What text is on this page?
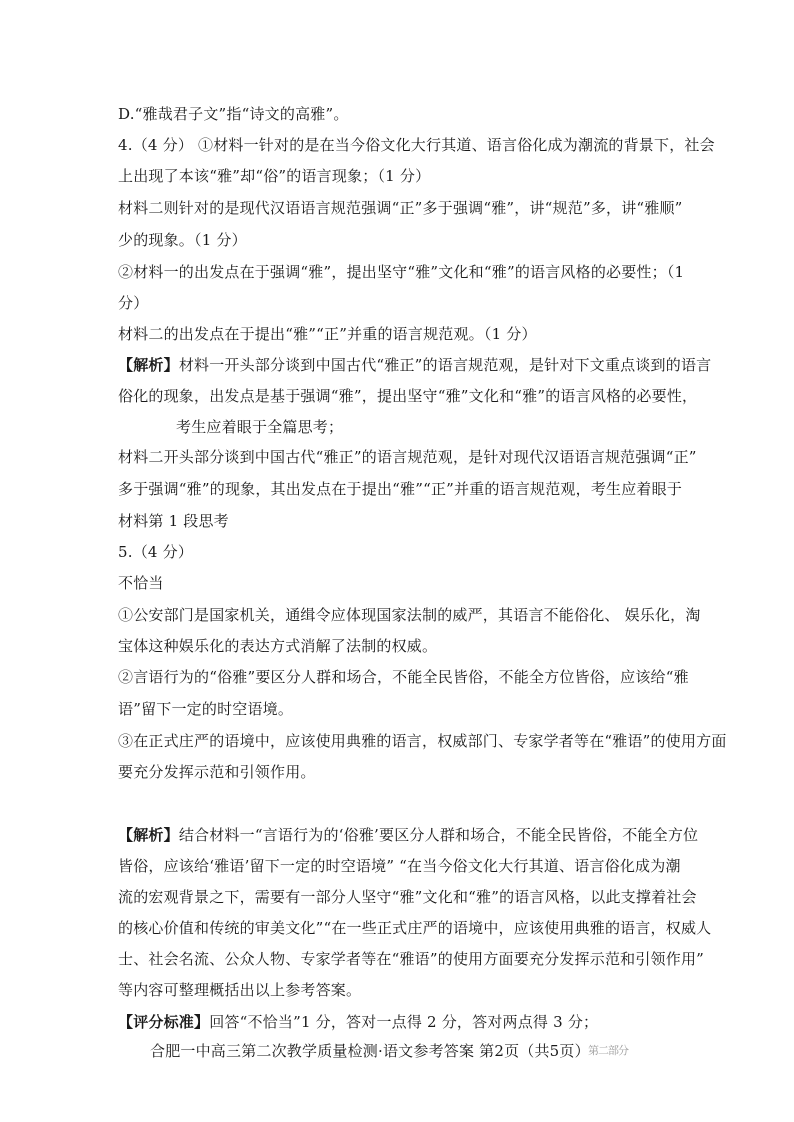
D.“雅哉君子文”指“诗文的高雅”。
4.（4 分） ①材料一针对的是在当今俗文化大行其道、语言俗化成为潮流的背景下，社会
上出现了本该“雅”却“俗”的语言现象；（1 分）
材料二则针对的是现代汉语语言规范强调“正”多于强调“雅”，讲“规范”多，讲“雅顺”
少的现象。（1 分）
②材料一的出发点在于强调“雅”，提出坚守“雅”文化和“雅”的语言风格的必要性；（1
分）
材料二的出发点在于提出“雅”“正”并重的语言规范观。（1 分）
【解析】材料一开头部分谈到中国古代“雅正”的语言规范观，是针对下文重点谈到的语言
俗化的现象，出发点是基于强调“雅”，提出坚守“雅”文化和“雅”的语言风格的必要性，
考生应着眼于全篇思考；
材料二开头部分谈到中国古代“雅正”的语言规范观，是针对现代汉语语言规范强调“正”
多于强调“雅”的现象，其出发点在于提出“雅”“正”并重的语言规范观，考生应着眼于
材料第 1 段思考
5.（4 分）
不恰当
①公安部门是国家机关，通缉令应体现国家法制的威严，其语言不能俗化、 娱乐化，淘
宝体这种娱乐化的表达方式消解了法制的权威。
②言语行为的“俗雅”要区分人群和场合，不能全民皆俗，不能全方位皆俗，应该给“雅
语”留下一定的时空语境。
③在正式庄严的语境中，应该使用典雅的语言，权威部门、专家学者等在“雅语”的使用方面
要充分发挥示范和引领作用。
【解析】结合材料一“言语行为的‘俗雅’要区分人群和场合，不能全民皆俗，不能全方位
皆俗，应该给‘雅语’留下一定的时空语境” “在当今俗文化大行其道、语言俗化成为潮
流的宏观背景之下，需要有一部分人坚守“雅”文化和“雅”的语言风格，以此支撑着社会
的核心价值和传统的审美文化”“在一些正式庄严的语境中，应该使用典雅的语言，权威人
士、社会名流、公众人物、专家学者等在“雅语”的使用方面要充分发挥示范和引领作用”
等内容可整理概括出以上参考答案。
【评分标准】回答“不恰当”1 分，答对一点得 2 分，答对两点得 3 分；
合肥一中高三第二次教学质量检测·语文参考答案 第2页（共5页）
第二部分
